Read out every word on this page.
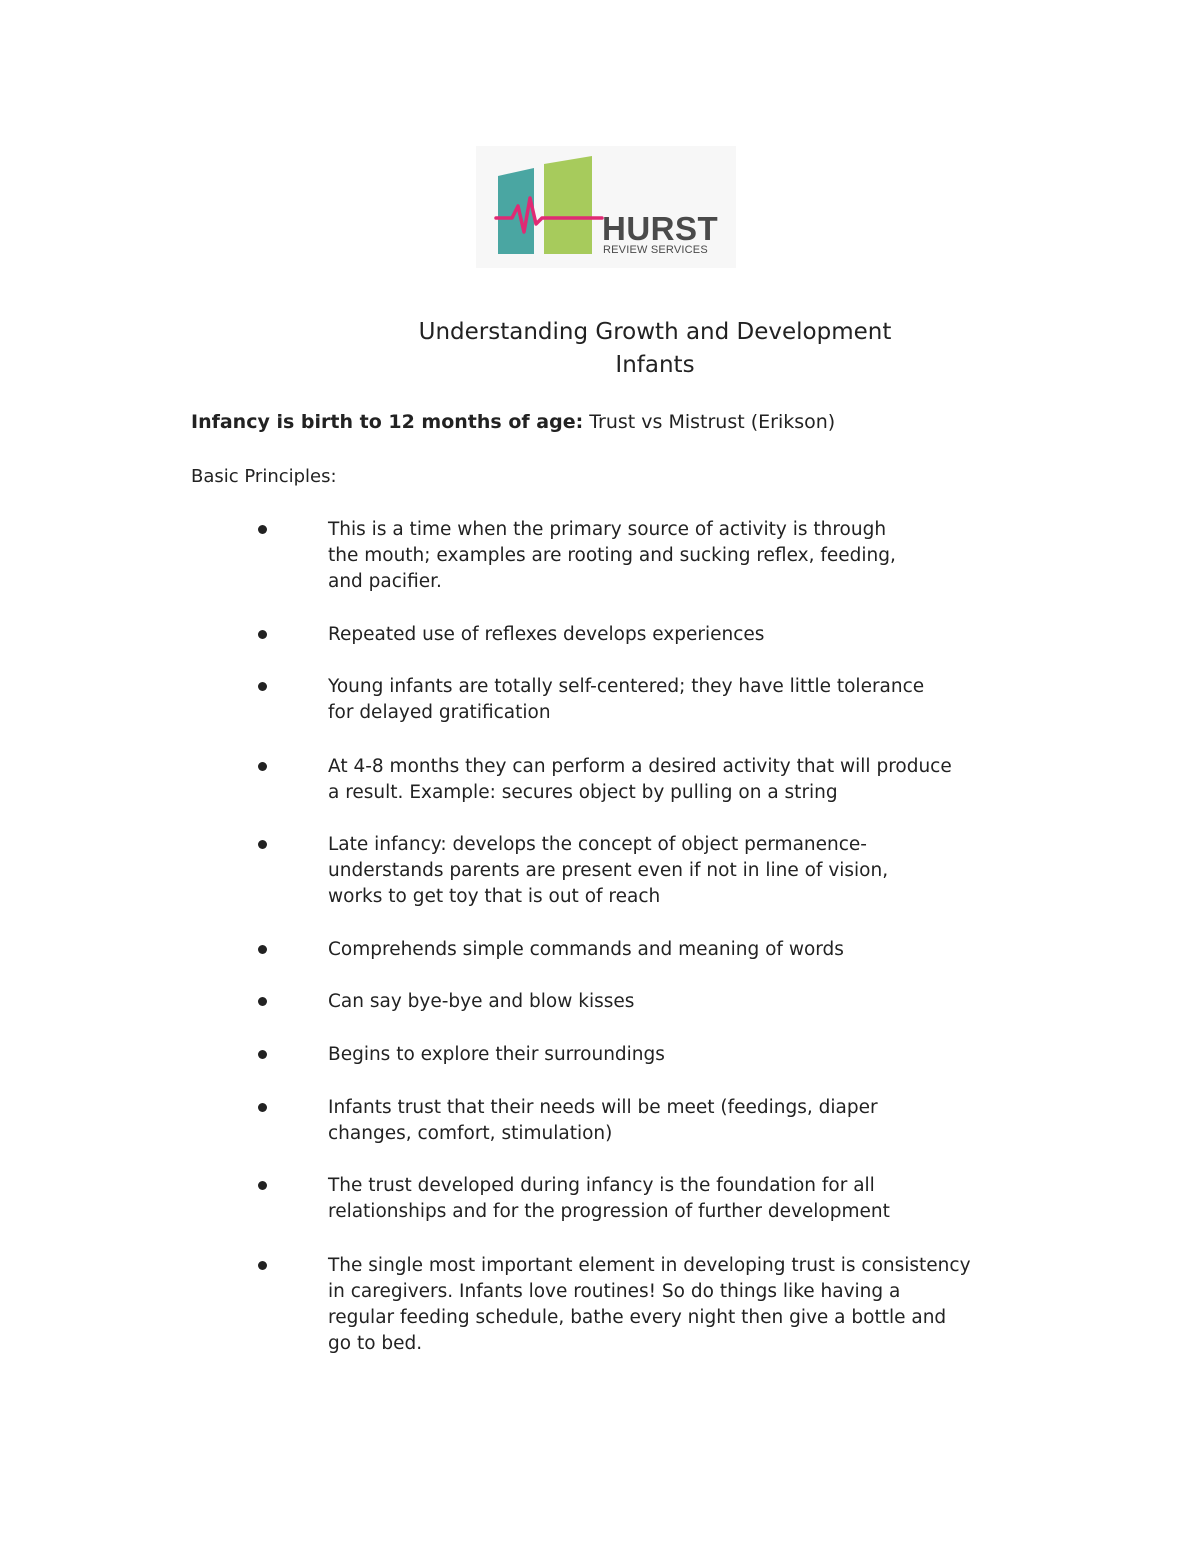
HURST
REVIEW SERVICES
Understanding Growth and Development
Infants
Infancy is birth to 12 months of age: Trust vs Mistrust (Erikson)
Basic Principles:
This is a time when the primary source of activity is through
the mouth; examples are rooting and sucking reflex, feeding,
and pacifier.
Repeated use of reflexes develops experiences
Young infants are totally self-centered; they have little tolerance
for delayed gratification
At 4-8 months they can perform a desired activity that will produce
a result. Example: secures object by pulling on a string
Late infancy: develops the concept of object permanence-
understands parents are present even if not in line of vision,
works to get toy that is out of reach
Comprehends simple commands and meaning of words
Can say bye-bye and blow kisses
Begins to explore their surroundings
Infants trust that their needs will be meet (feedings, diaper
changes, comfort, stimulation)
The trust developed during infancy is the foundation for all
relationships and for the progression of further development
The single most important element in developing trust is consistency
in caregivers. Infants love routines! So do things like having a
regular feeding schedule, bathe every night then give a bottle and
go to bed.
